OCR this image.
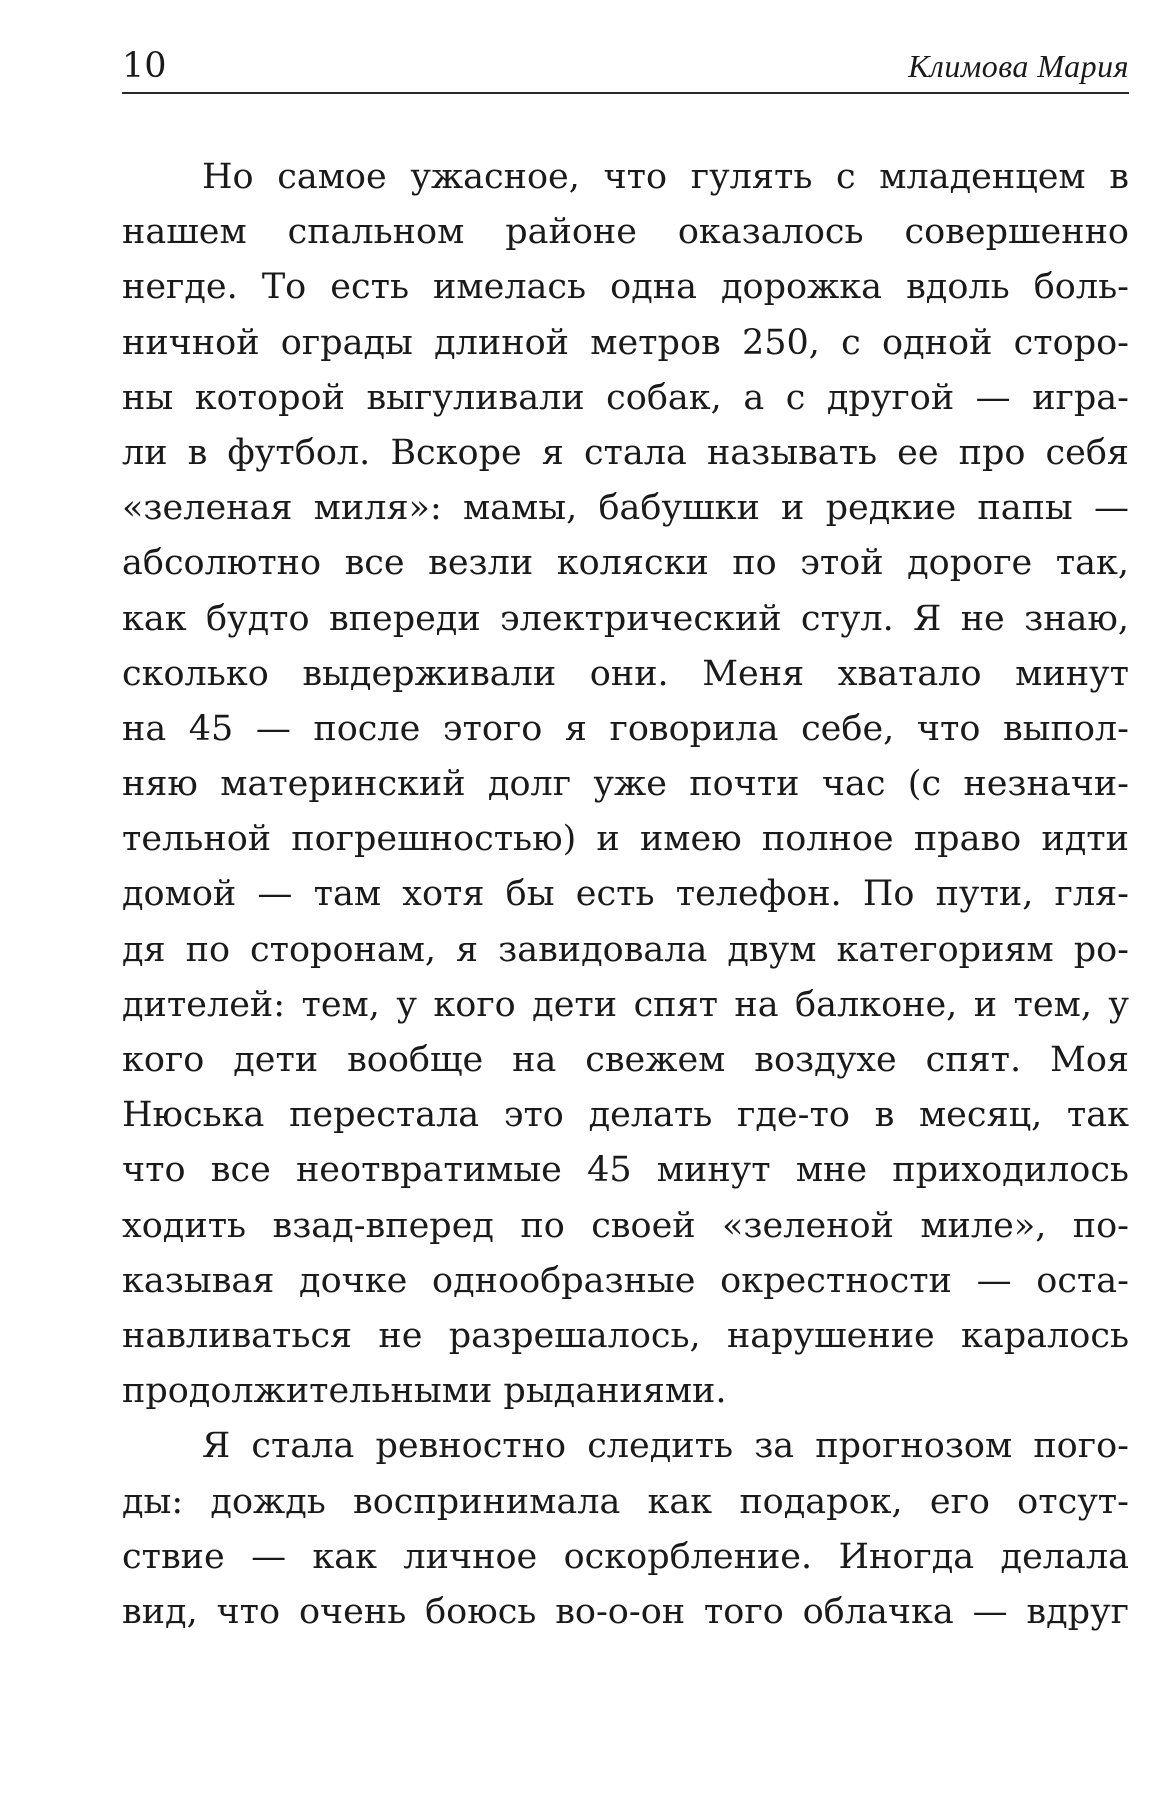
10	Климова Мария
Но самое ужасное, что гулять с младенцем в
нашем спальном районе оказалось совершенно
негде. То есть имелась одна дорожка вдоль боль-
ничной ограды длиной метров 250, с одной сторо-
ны которой выгуливали собак, а с другой — игра-
ли в футбол. Вскоре я стала называть ее про себя
«зеленая миля»: мамы, бабушки и редкие папы —
абсолютно все везли коляски по этой дороге так,
как будто впереди электрический стул. Я не знаю,
сколько выдерживали они. Меня хватало минут
на 45 — после этого я говорила себе, что выпол-
няю материнский долг уже почти час (с незначи-
тельной погрешностью) и имею полное право идти
домой — там хотя бы есть телефон. По пути, гля-
дя по сторонам, я завидовала двум категориям ро-
дителей: тем, у кого дети спят на балконе, и тем, у
кого дети вообще на свежем воздухе спят. Моя
Нюська перестала это делать где-то в месяц, так
что все неотвратимые 45 минут мне приходилось
ходить взад-вперед по своей «зеленой миле», по-
казывая дочке однообразные окрестности — оста-
навливаться не разрешалось, нарушение каралось
продолжительными рыданиями.
Я стала ревностно следить за прогнозом пого-
ды: дождь воспринимала как подарок, его отсут-
ствие — как личное оскорбление. Иногда делала
вид, что очень боюсь во-о-он того облачка — вдруг
